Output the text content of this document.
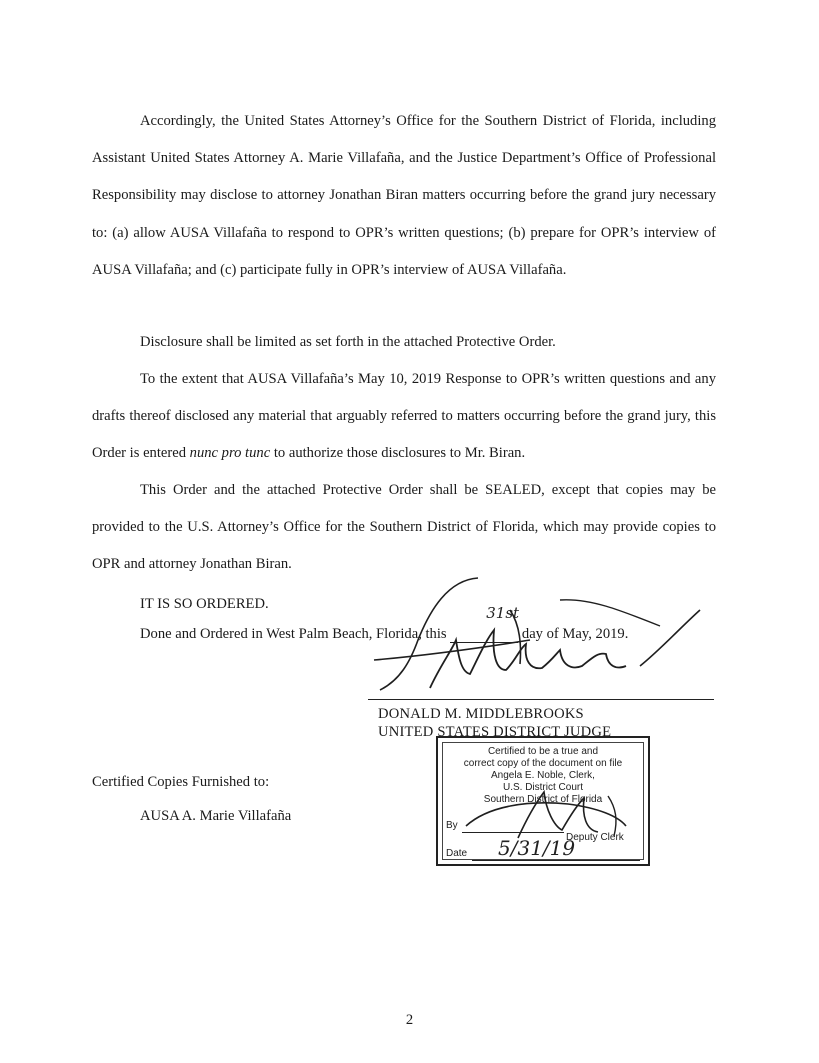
Accordingly, the United States Attorney’s Office for the Southern District of Florida, including Assistant United States Attorney A. Marie Villafaña, and the Justice Department’s Office of Professional Responsibility may disclose to attorney Jonathan Biran matters occurring before the grand jury necessary to: (a) allow AUSA Villafaña to respond to OPR’s written questions; (b) prepare for OPR’s interview of AUSA Villafaña; and (c) participate fully in OPR’s interview of AUSA Villafaña.

Disclosure shall be limited as set forth in the attached Protective Order.

To the extent that AUSA Villafaña’s May 10, 2019 Response to OPR’s written questions and any drafts thereof disclosed any material that arguably referred to matters occurring before the grand jury, this Order is entered nunc pro tunc to authorize those disclosures to Mr. Biran.

This Order and the attached Protective Order shall be SEALED, except that copies may be provided to the U.S. Attorney’s Office for the Southern District of Florida, which may provide copies to OPR and attorney Jonathan Biran.

IT IS SO ORDERED.

Done and Ordered in West Palm Beach, Florida, this
31st
day of May, 2019.
DONALD M. MIDDLEBROOKS
UNITED STATES DISTRICT JUDGE
Certified Copies Furnished to:
AUSA A. Marie Villafaña
Certified to be a true and
correct copy of the document on file
Angela E. Noble, Clerk,
U.S. District Court
Southern District of Florida
By
Deputy Clerk
Date 5/31/19
2
